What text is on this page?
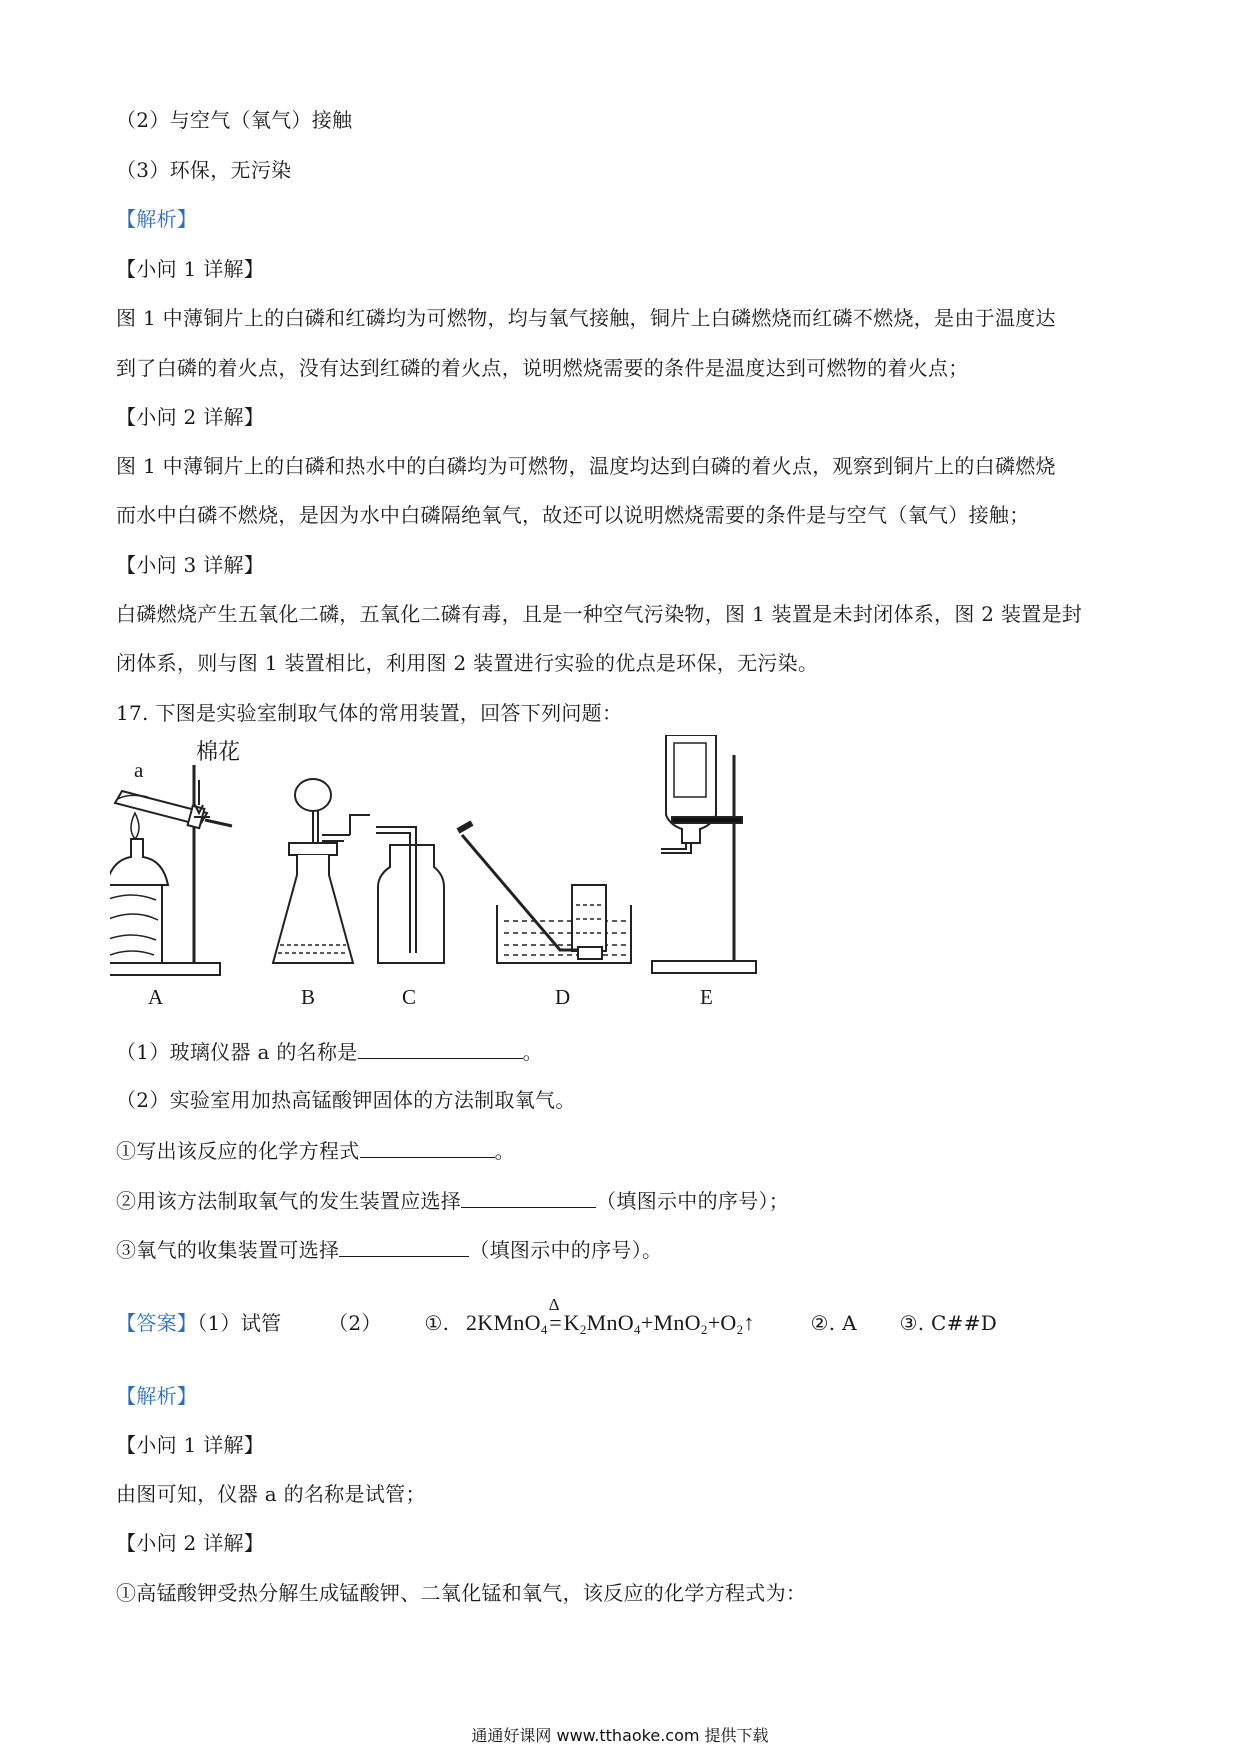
（2）与空气（氧气）接触
（3）环保，无污染
【解析】
【小问 1 详解】
图 1 中薄铜片上的白磷和红磷均为可燃物，均与氧气接触，铜片上白磷燃烧而红磷不燃烧，是由于温度达
到了白磷的着火点，没有达到红磷的着火点，说明燃烧需要的条件是温度达到可燃物的着火点；
【小问 2 详解】
图 1 中薄铜片上的白磷和热水中的白磷均为可燃物，温度均达到白磷的着火点，观察到铜片上的白磷燃烧
而水中白磷不燃烧，是因为水中白磷隔绝氧气，故还可以说明燃烧需要的条件是与空气（氧气）接触；
【小问 3 详解】
白磷燃烧产生五氧化二磷，五氧化二磷有毒，且是一种空气污染物，图 1 装置是未封闭体系，图 2 装置是封
闭体系，则与图 1 装置相比，利用图 2 装置进行实验的优点是环保，无污染。
17. 下图是实验室制取气体的常用装置，回答下列问题：
a
棉花
A	B	C	D	E
（1）玻璃仪器 a 的名称是	。
（2）实验室用加热高锰酸钾固体的方法制取氧气。
①写出该反应的化学方程式	。
②用该方法制取氧气的发生装置应选择	（填图示中的序号）；
③氧气的收集装置可选择	（填图示中的序号）。
【答案】（1）试管 （2） ①. 2KMnO$_4$
Δ
$=K_2MnO_4+MnO_2+O_2↑$	②. A ③. C##D
【解析】
【小问 1 详解】
由图可知，仪器 a 的名称是试管；
【小问 2 详解】
①高锰酸钾受热分解生成锰酸钾、二氧化锰和氧气，该反应的化学方程式为：
通通好课网 www.tthaoke.com 提供下载
